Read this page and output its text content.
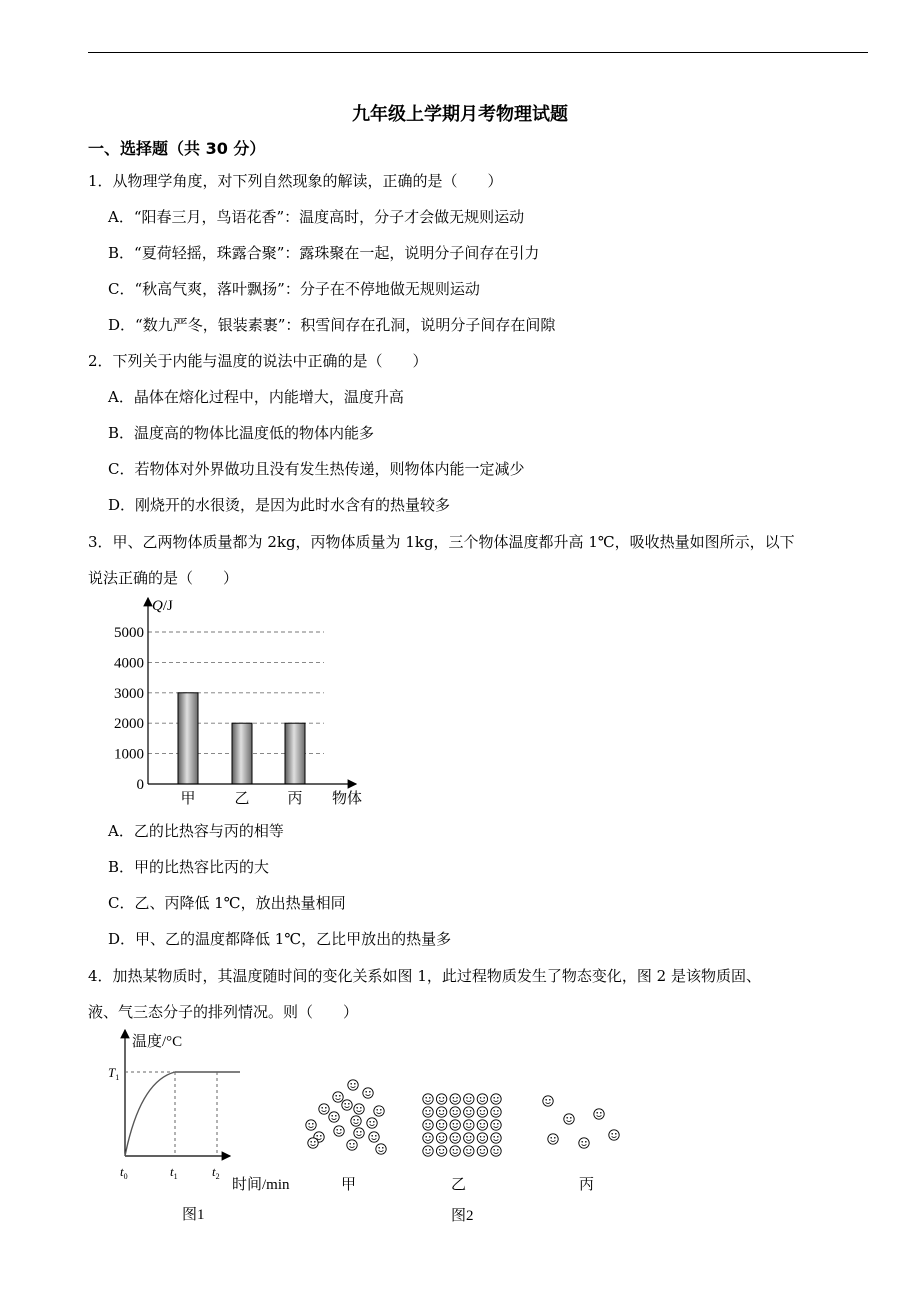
九年级上学期月考物理试题
一、选择题（共 30 分）
1．从物理学角度，对下列自然现象的解读，正确的是（　　）
A．“阳春三月，鸟语花香”：温度高时，分子才会做无规则运动
B．“夏荷轻摇，珠露合聚”：露珠聚在一起，说明分子间存在引力
C．“秋高气爽，落叶飘扬”：分子在不停地做无规则运动
D．“数九严冬，银装素裹”：积雪间存在孔洞，说明分子间存在间隙
2．下列关于内能与温度的说法中正确的是（　　）
A．晶体在熔化过程中，内能增大，温度升高
B．温度高的物体比温度低的物体内能多
C．若物体对外界做功且没有发生热传递，则物体内能一定减少
D．刚烧开的水很烫，是因为此时水含有的热量较多
3．甲、乙两物体质量都为 2kg，丙物体质量为 1kg，三个物体温度都升高 1℃，吸收热量如图所示，以下
说法正确的是（　　）
0
1000
2000
3000
4000
5000
甲	乙	丙
Q/J
物体
A．乙的比热容与丙的相等
B．甲的比热容比丙的大
C．乙、丙降低 1℃，放出热量相同
D．甲、乙的温度都降低 1℃，乙比甲放出的热量多
4．加热某物质时，其温度随时间的变化关系如图 1，此过程物质发生了物态变化，图 2 是该物质固、
液、气三态分子的排列情况。则（　　）
温度/°C
$T_1$
$t_0$	$t_1$	$t_2$
时间/min
图1
甲	乙	丙
图2
